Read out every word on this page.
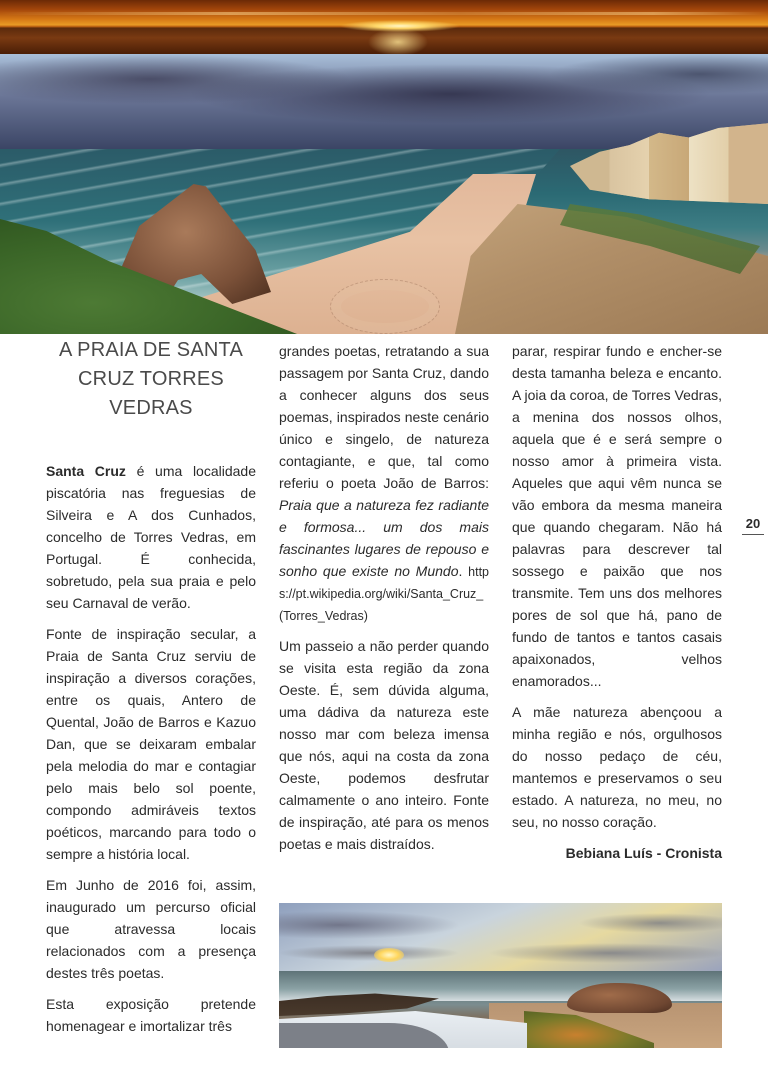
A PRAIA DE SANTA
CRUZ TORRES
VEDRAS

Santa Cruz é uma localidade piscatória nas freguesias de Silveira e A dos Cunhados, concelho de Torres Vedras, em Portugal. É conhecida, sobretudo, pela sua praia e pelo seu Carnaval de verão.

Fonte de inspiração secular, a Praia de Santa Cruz serviu de inspiração a diversos corações, entre os quais, Antero de Quental, João de Barros e Kazuo Dan, que se deixaram embalar pela melodia do mar e contagiar pelo mais belo sol poente, compondo admiráveis textos poéticos, marcando para todo o sempre a história local.

Em Junho de 2016 foi, assim, inaugurado um percurso oficial que atravessa locais relacionados com a presença destes três poetas.

Esta exposição pretende homenagear e imortalizar três

grandes poetas, retratando a sua passagem por Santa Cruz, dando a conhecer alguns dos seus poemas, inspirados neste cenário único e singelo, de natureza contagiante, e que, tal como referiu o poeta João de Barros: Praia que a natureza fez radiante e formosa... um dos mais fascinantes lugares de repouso e sonho que existe no Mundo. https://pt.wikipedia.org/wiki/Santa_Cruz_(Torres_Vedras)

Um passeio a não perder quando se visita esta região da zona Oeste. É, sem dúvida alguma, uma dádiva da natureza este nosso mar com beleza imensa que nós, aqui na costa da zona Oeste, podemos desfrutar calmamente o ano inteiro. Fonte de inspiração, até para os menos poetas e mais distraídos.

parar, respirar fundo e encher-se desta tamanha beleza e encanto. A joia da coroa, de Torres Vedras, a menina dos nossos olhos, aquela que é e será sempre o nosso amor à primeira vista. Aqueles que aqui vêm nunca se vão embora da mesma maneira que quando chegaram. Não há palavras para descrever tal sossego e paixão que nos transmite. Tem uns dos melhores pores de sol que há, pano de fundo de tantos e tantos casais apaixonados, velhos enamorados...

A mãe natureza abençoou a minha região e nós, orgulhosos do nosso pedaço de céu, mantemos e preservamos o seu estado. A natureza, no meu, no seu, no nosso coração.

Bebiana Luís - Cronista
20
